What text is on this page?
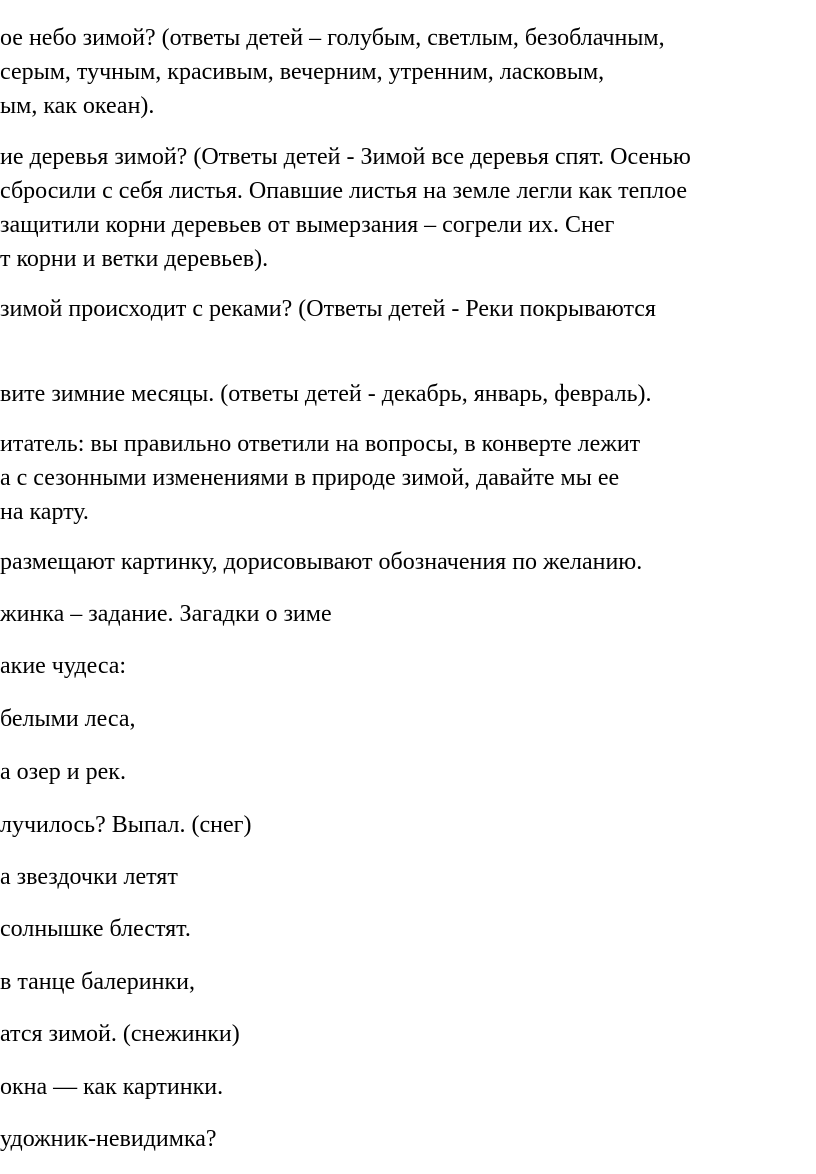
ое небо зимой? (ответы детей – голубым, светлым, безоблачным,
серым, тучным, красивым, вечерним, утренним, ласковым,
ым, как океан).
ие деревья зимой? (Ответы детей - Зимой все деревья спят. Осенью
сбросили с себя листья. Опавшие листья на земле легли как теплое
защитили корни деревьев от вымерзания – согрели их. Снег
т корни и ветки деревьев).
зимой происходит с реками? (Ответы детей - Реки покрываются
вите зимние месяцы. (ответы детей - декабрь, январь, февраль).
итатель: вы правильно ответили на вопросы, в конверте лежит
а с сезонными изменениями в природе зимой, давайте мы ее
на карту.
размещают картинку, дорисовывают обозначения по желанию.
жинка – задание. Загадки о зиме
акие чудеса:
белыми леса,
а озер и рек.
лучилось? Выпал. (снег)
а звездочки летят
солнышке блестят.
в танце балеринки,
атся зимой. (снежинки)
окна — как картинки.
удожник-невидимка?
